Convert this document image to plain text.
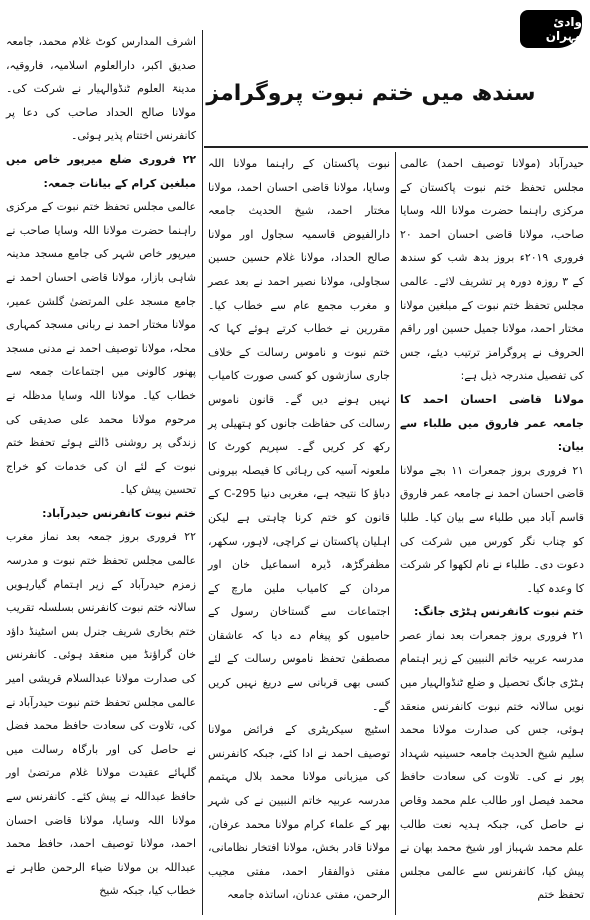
وادئ مہران
سندھ میں ختم نبوت پروگرامز

حیدرآباد (مولانا توصیف احمد) عالمی مجلس تحفظ ختم نبوت پاکستان کے مرکزی راہنما حضرت مولانا اللہ وسایا صاحب، مولانا قاضی احسان احمد ۲۰ فروری ۲۰۱۹ء بروز بدھ شب کو سندھ کے ۳ روزہ دورہ پر تشریف لائے۔ عالمی مجلس تحفظ ختم نبوت کے مبلغین مولانا مختار احمد، مولانا جمیل حسین اور راقم الحروف نے پروگرامز ترتیب دیئے، جس کی تفصیل مندرجہ ذیل ہے:

مولانا قاضی احسان احمد کا جامعہ عمر فاروق میں طلباء سے بیان:

۲۱ فروری بروز جمعرات ۱۱ بجے مولانا قاضی احسان احمد نے جامعہ عمر فاروق قاسم آباد میں طلباء سے بیان کیا۔ طلبا کو چناب نگر کورس میں شرکت کی دعوت دی۔ طلباء نے نام لکھوا کر شرکت کا وعدہ کیا۔

ختم نبوت کانفرنس ہٹڑی جانگ:

۲۱ فروری بروز جمعرات بعد نماز عصر مدرسہ عربیہ خاتم النبیین کے زیر اہتمام ہٹڑی جانگ تحصیل و ضلع ٹنڈوالہیار میں نویں سالانہ ختم نبوت کانفرنس منعقد ہوئی، جس کی صدارت مولانا محمد سلیم شیخ الحدیث جامعہ حسینیہ شہداد پور نے کی۔ تلاوت کی سعادت حافظ محمد فیصل اور طالب علم محمد وقاص نے حاصل کی، جبکہ ہدیہ نعت طالب علم محمد شہباز اور شیخ محمد بھان نے پیش کیا، کانفرنس سے عالمی مجلس تحفظ ختم

نبوت پاکستان کے راہنما مولانا اللہ وسایا، مولانا قاضی احسان احمد، مولانا مختار احمد، شیخ الحدیث جامعہ دارالفیوض قاسمیہ سجاول اور مولانا صالح الحداد، مولانا غلام حسین حسین سجاولی، مولانا نصیر احمد نے بعد عصر و مغرب مجمع عام سے خطاب کیا۔ مقررین نے خطاب کرتے ہوئے کہا کہ ختم نبوت و ناموس رسالت کے خلاف جاری سازشوں کو کسی صورت کامیاب نہیں ہونے دیں گے۔ قانون ناموس رسالت کی حفاظت جانوں کو ہتھیلی پر رکھ کر کریں گے۔ سپریم کورٹ کا ملعونہ آسیہ کی رہائی کا فیصلہ بیرونی دباؤ کا نتیجہ ہے، مغربی دنیا C-295 کے قانون کو ختم کرنا چاہتی ہے لیکن اہلیان پاکستان نے کراچی، لاہور، سکھر، مظفرگڑھ، ڈیرہ اسماعیل خان اور مردان کے کامیاب ملین مارچ کے اجتماعات سے گستاخان رسول کے حامیوں کو پیغام دے دیا کہ عاشقان مصطفیٰ تحفظ ناموس رسالت کے لئے کسی بھی قربانی سے دریغ نہیں کریں گے۔

اسٹیج سیکریٹری کے فرائض مولانا توصیف احمد نے ادا کئے، جبکہ کانفرنس کی میزبانی مولانا محمد بلال مہتمم مدرسہ عربیہ خاتم النبیین نے کی شہر بھر کے علماء کرام مولانا محمد عرفان، مولانا قادر بخش، مولانا افتخار نظامانی، مفتی ذوالفقار احمد، مفتی مجیب الرحمن، مفتی عدنان، اساتذہ جامعہ

اشرف المدارس کوٹ غلام محمد، جامعہ صدیق اکبر، دارالعلوم اسلامیہ، فاروقیہ، مدینۃ العلوم ٹنڈوالہیار نے شرکت کی۔ مولانا صالح الحداد صاحب کی دعا پر کانفرنس اختتام پذیر ہوئی۔

۲۲ فروری ضلع میرپور خاص میں مبلغین کرام کے بیانات جمعہ:

عالمی مجلس تحفظ ختم نبوت کے مرکزی راہنما حضرت مولانا اللہ وسایا صاحب نے میرپور خاص شہر کی جامع مسجد مدینہ شاہی بازار، مولانا قاضی احسان احمد نے جامع مسجد علی المرتضیٰ گلشن عمیر، مولانا مختار احمد نے ربانی مسجد کمہاری محلہ، مولانا توصیف احمد نے مدنی مسجد پھنور کالونی میں اجتماعات جمعہ سے خطاب کیا۔ مولانا اللہ وسایا مدظلہ نے مرحوم مولانا محمد علی صدیقی کی زندگی پر روشنی ڈالتے ہوئے تحفظ ختم نبوت کے لئے ان کی خدمات کو خراج تحسین پیش کیا۔

ختم نبوت کانفرنس حیدرآباد:

۲۲ فروری بروز جمعہ بعد نماز مغرب عالمی مجلس تحفظ ختم نبوت و مدرسہ زمزم حیدرآباد کے زیر اہتمام گیارہویں سالانہ ختم نبوت کانفرنس بسلسلہ تقریب ختم بخاری شریف جنرل بس اسٹینڈ داؤد خان گراؤنڈ میں منعقد ہوئی۔ کانفرنس کی صدارت مولانا عبدالسلام قریشی امیر عالمی مجلس تحفظ ختم نبوت حیدرآباد نے کی، تلاوت کی سعادت حافظ محمد فضل نے حاصل کی اور بارگاہ رسالت میں گلہائے عقیدت مولانا غلام مرتضیٰ اور حافظ عبداللہ نے پیش کئے۔ کانفرنس سے مولانا اللہ وسایا، مولانا قاضی احسان احمد، مولانا توصیف احمد، حافظ محمد عبداللہ بن مولانا ضیاء الرحمن طاہر نے خطاب کیا، جبکہ شیخ
